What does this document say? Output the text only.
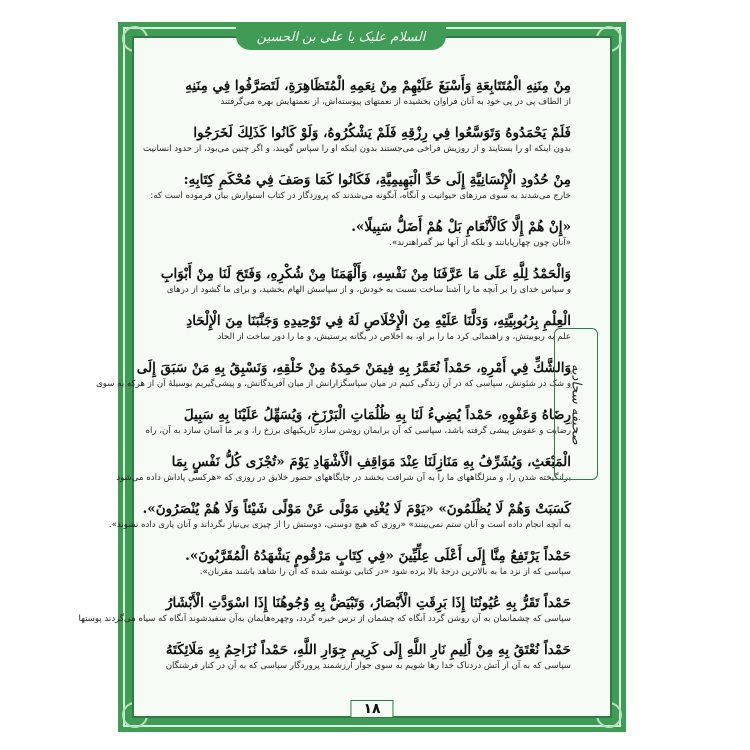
مِنْ مِنَنِهِ الْمُتَتَابِعَةِ وَأَسْبَغَ عَلَيْهِمْ مِنْ نِعَمِهِ الْمُتَظَاهِرَةِ، لَتَصَرَّفُوا فِي مِنَنِهِ
از الطاف پی در پی خود به آنان فراوان بخشیده از نعمتهای پیوسته‌اش، از نعمتهایش بهره می‌گرفتند
فَلَمْ يَحْمَدُوهُ وَتَوَسَّعُوا فِي رِزْقِهِ فَلَمْ يَشْكُرُوهُ، وَلَوْ كَانُوا كَذَلِكَ لَخَرَجُوا
بدون اینکه او را بستایند و از روزیش فراخی می‌جستند بدون اینکه او را سپاس گویند، و اگر چنین می‌بود، از حدود انسانیت
مِنْ حُدُودِ الْإِنْسَانِيَّةِ إِلَى حَدِّ الْبَهِيمِيَّةِ، فَكَانُوا كَمَا وَصَفَ فِي مُحْكَمِ كِتَابِهِ:
خارج می‌شدند به سوی مرزهای حیوانیت و آنگاه، آنگونه می‌شدند که پروردگار در کتاب استوارش بیان فرموده است که:
«إِنْ هُمْ إِلَّا كَالْأَنْعَامِ بَلْ هُمْ أَضَلُّ سَبِيلًا».
«آنان چون چهارپایانند و بلکه از آنها نیز گمراهترند».
وَالْحَمْدُ لِلَّهِ عَلَى مَا عَرَّفَنَا مِنْ نَفْسِهِ، وَأَلْهَمَنَا مِنْ شُكْرِهِ، وَفَتَحَ لَنَا مِنْ أَبْوَابِ
و سپاس خدای را بر آنچه ما را آشنا ساخت نسبت به خودش، و از سپاسش الهام بخشید، و برای ما گشود از درهای
الْعِلْمِ بِرُبُوبِيَّتِهِ، وَدَلَّنَا عَلَيْهِ مِنَ الْإِخْلَاصِ لَهُ فِي تَوْحِيدِهِ وَجَنَّبَنَا مِنَ الْإِلْحَادِ
علم به ربوبیتش، و راهنمائی کرد ما را بر او، به اخلاص در یگانه پرستیش، و ما را دور ساخت از الحاد
وَالشَّكِّ فِي أَمْرِهِ، حَمْداً نُعَمَّرُ بِهِ فِيمَنْ حَمِدَهُ مِنْ خَلْقِهِ، وَنَسْبِقُ بِهِ مَنْ سَبَقَ إِلَى
و شک در شئونش، سپاسی که در آن زندگی کنیم در میان سپاسگزارانش از میان آفریدگانش، و پیشی‌گیریم بوسیلهٔ آن از هرکه به سوی
رِضَاهُ وَعَفْوِهِ، حَمْداً يُضِيءُ لَنَا بِهِ ظُلُمَاتِ الْبَرْزَخِ، وَيُسَهِّلُ عَلَيْنَا بِهِ سَبِيلَ
رضایت و عفوش پیشی گرفته باشد، سپاسی که آن برایمان روشن سازد تاریکیهای برزخ را، و بر ما آسان سازد به آن، راه
الْمَبْعَثِ، وَيُشَرِّفُ بِهِ مَنَازِلَنَا عِنْدَ مَوَاقِفِ الْأَشْهَادِ يَوْمَ «تُجْزَى كُلُّ نَفْسٍ بِمَا
برانگیخته شدن را، و منزلگاههای ما را به آن شرافت بخشد در جایگاههای حضور خلایق در روزی که «هرکسی پاداش داده می‌شود
كَسَبَتْ وَهُمْ لَا يُظْلَمُونَ» «يَوْمَ لَا يُغْنِي مَوْلًى عَنْ مَوْلًى شَيْئاً وَلَا هُمْ يُنْصَرُونَ».
به آنچه انجام داده است و آنان ستم نمی‌بینند» «روزی که هیچ دوستی، دوستش را از چیزی بی‌نیاز نگرداند و آنان یاری داده نشوند».
حَمْداً يَرْتَفِعُ مِنَّا إِلَى أَعْلَى عِلِّيِّينَ «فِي كِتَابٍ مَرْقُومٍ يَشْهَدُهُ الْمُقَرَّبُونَ».
سپاسی که از نزد ما به بالاترین درجهٔ بالا برده شود «در کتابی نوشته شده که آن را شاهد باشند مقربان».
حَمْداً تَقَرُّ بِهِ عُيُونُنَا إِذَا بَرِقَتِ الْأَبْصَارُ، وَتَبْيَضُّ بِهِ وُجُوهُنَا إِذَا اسْوَدَّتِ الْأَبْشَارُ
سپاسی که چشمانمان به آن روشن گردد آنگاه که چشمان از ترس خیره گردد، وچهره‌هایمان به‌آن سفیدشوند آنگاه که سیاه می‌گردند پوستها
حَمْداً نُعْتَقُ بِهِ مِنْ أَلِيمِ نَارِ اللَّهِ إِلَى كَرِيمِ جِوَارِ اللَّهِ، حَمْداً نُزَاحِمُ بِهِ مَلَائِكَتَهُ
سپاسی که به آن از آتش دردناک خدا رها شویم به سوی جوار ارزشمند پروردگار سپاسی که به آن در کنار فرشتگان
صحیفه سجادیه
۱۸
السلام علیک یا علی بن الحسین
